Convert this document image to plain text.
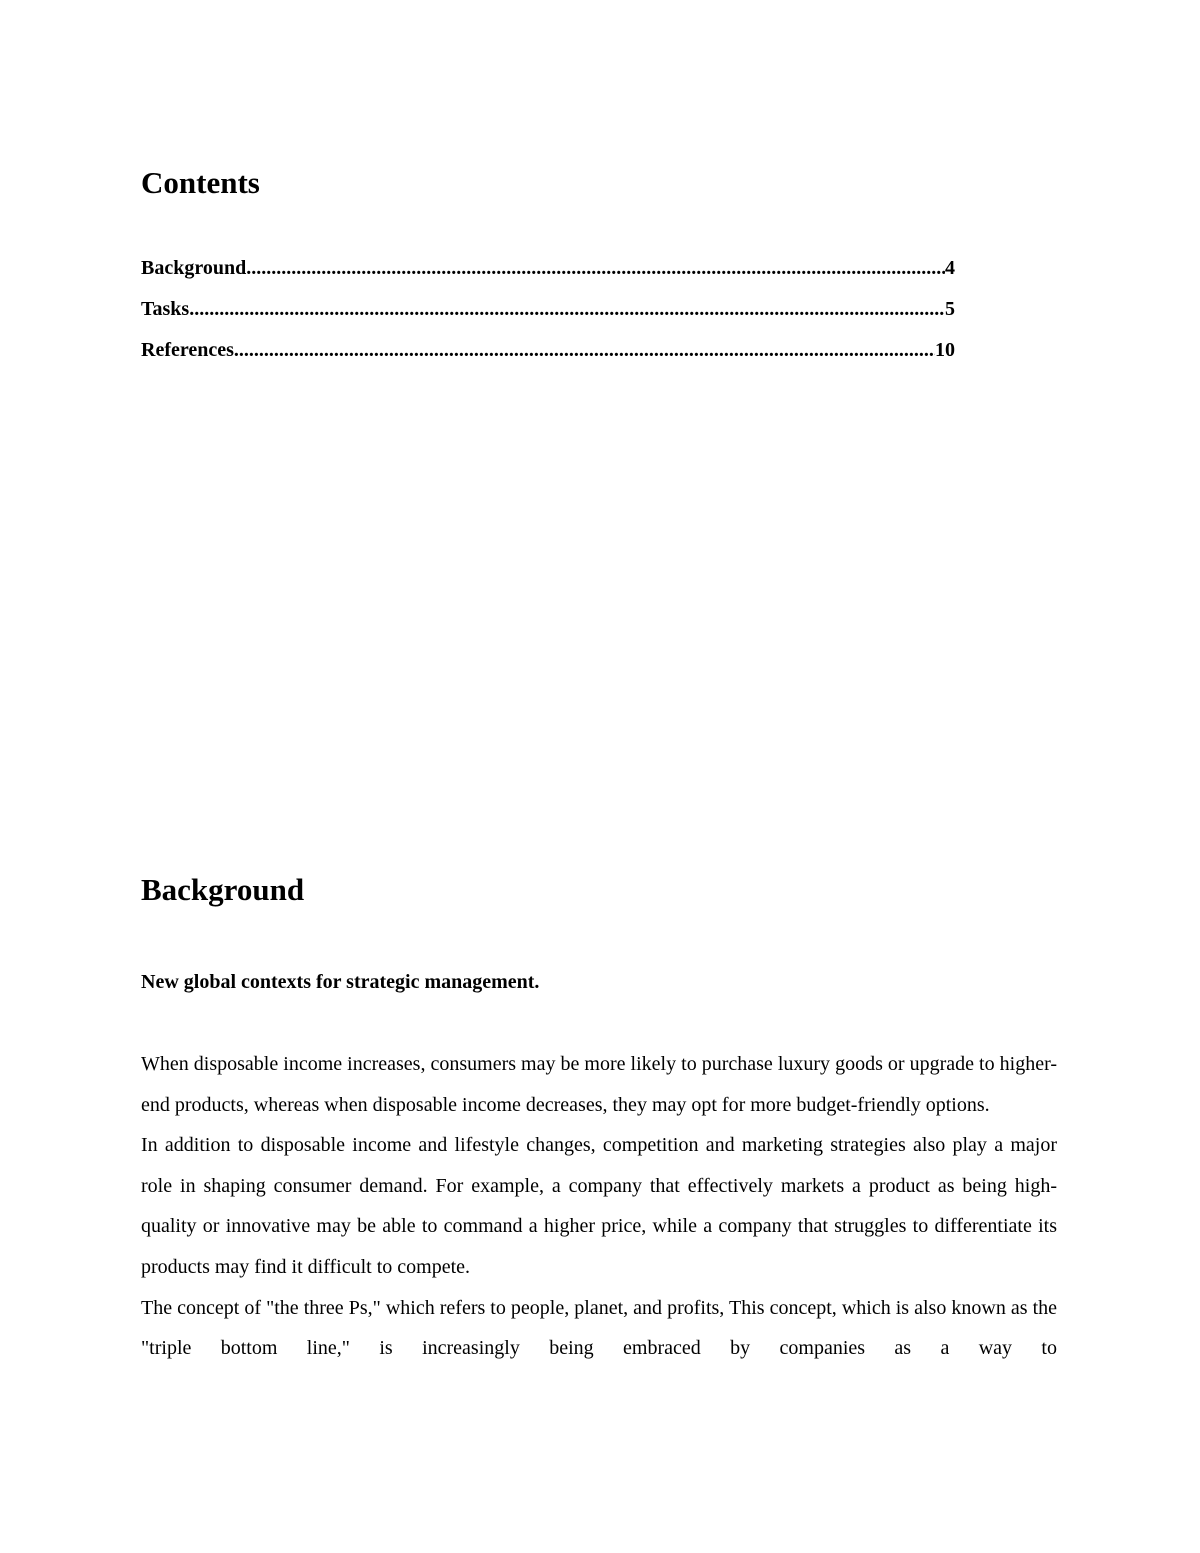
Contents
Background .....	4
Tasks .....	5
References .....	10
Background
New global contexts for strategic management.

When disposable income increases, consumers may be more likely to purchase luxury goods or upgrade to higher-end products, whereas when disposable income decreases, they may opt for more budget-friendly options.

In addition to disposable income and lifestyle changes, competition and marketing strategies also play a major role in shaping consumer demand. For example, a company that effectively markets a product as being high-quality or innovative may be able to command a higher price, while a company that struggles to differentiate its products may find it difficult to compete.

The concept of "the three Ps," which refers to people, planet, and profits, This concept, which is also known as the "triple bottom line," is increasingly being embraced by companies as a way to
